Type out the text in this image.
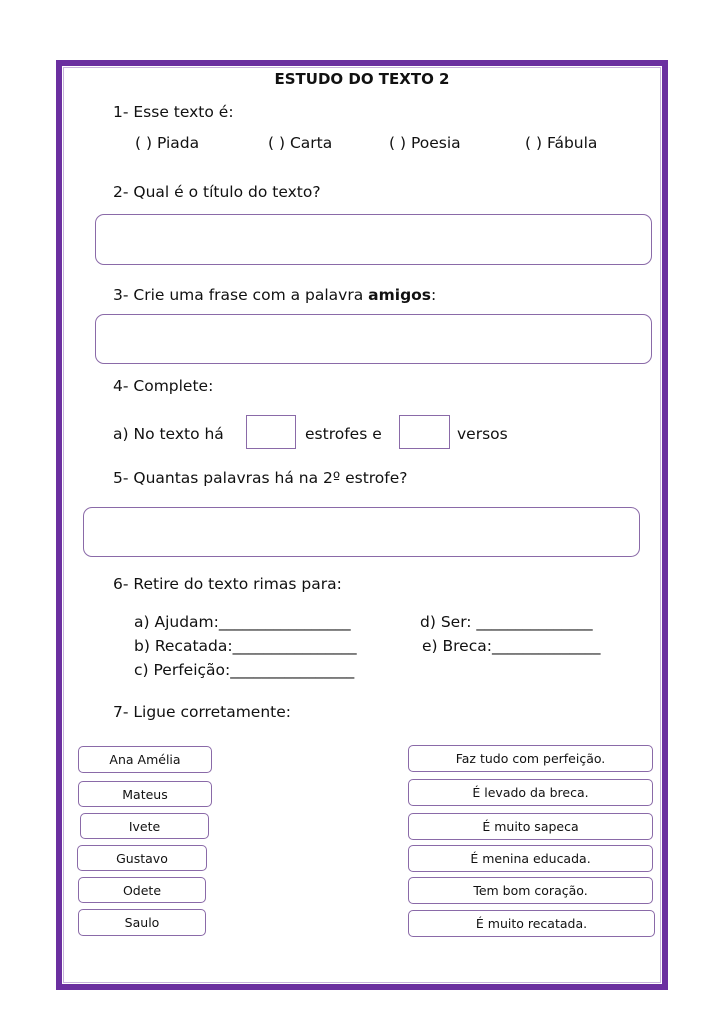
ESTUDO DO TEXTO 2
1- Esse texto é:
( ) Piada	( ) Carta	( ) Poesia	( ) Fábula
2- Qual é o título do texto?
3- Crie uma frase com a palavra amigos:
4- Complete:
a) No texto há	estrofes e	versos
5- Quantas palavras há na 2º estrofe?
6- Retire do texto rimas para:
a) Ajudam:_________________	d) Ser: _______________
b) Recatada:________________	e) Breca:______________
c) Perfeição:________________
7- Ligue corretamente:
Ana Amélia
Mateus
Ivete
Gustavo
Odete
Saulo
Faz tudo com perfeição.
É levado da breca.
É muito sapeca
É menina educada.
Tem bom coração.
É muito recatada.
